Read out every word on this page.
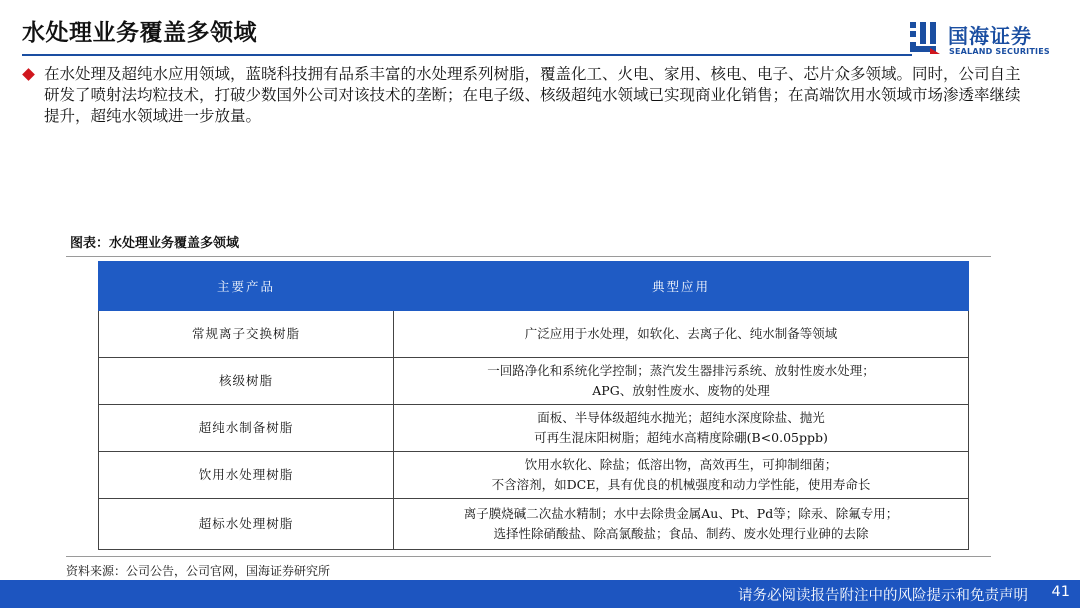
水处理业务覆盖多领域	国海证券
SEALAND SECURITIES
在水处理及超纯水应用领域，蓝晓科技拥有品系丰富的水处理系列树脂，覆盖化工、火电、家用、核电、电子、芯片众多领域。同时，公司自主研发了喷射法均粒技术，打破少数国外公司对该技术的垄断；在电子级、核级超纯水领域已实现商业化销售；在高端饮用水领域市场渗透率继续提升，超纯水领域进一步放量。
图表：水处理业务覆盖多领域
主要产品	典型应用
常规离子交换树脂	广泛应用于水处理，如软化、去离子化、纯水制备等领域

核级树脂	一回路净化和系统化学控制；蒸汽发生器排污系统、放射性废水处理；
APG、放射性废水、废物的处理

超纯水制备树脂	面板、半导体级超纯水抛光；超纯水深度除盐、抛光
可再生混床阳树脂；超纯水高精度除硼(B<0.05ppb)

饮用水处理树脂	饮用水软化、除盐；低溶出物，高效再生，可抑制细菌；
不含溶剂，如DCE，具有优良的机械强度和动力学性能，使用寿命长

超标水处理树脂	离子膜烧碱二次盐水精制；水中去除贵金属Au、Pt、Pd等；除汞、除氟专用；
选择性除硝酸盐、除高氯酸盐；食品、制药、废水处理行业砷的去除
资料来源：公司公告，公司官网，国海证券研究所
请务必阅读报告附注中的风险提示和免责声明 41
